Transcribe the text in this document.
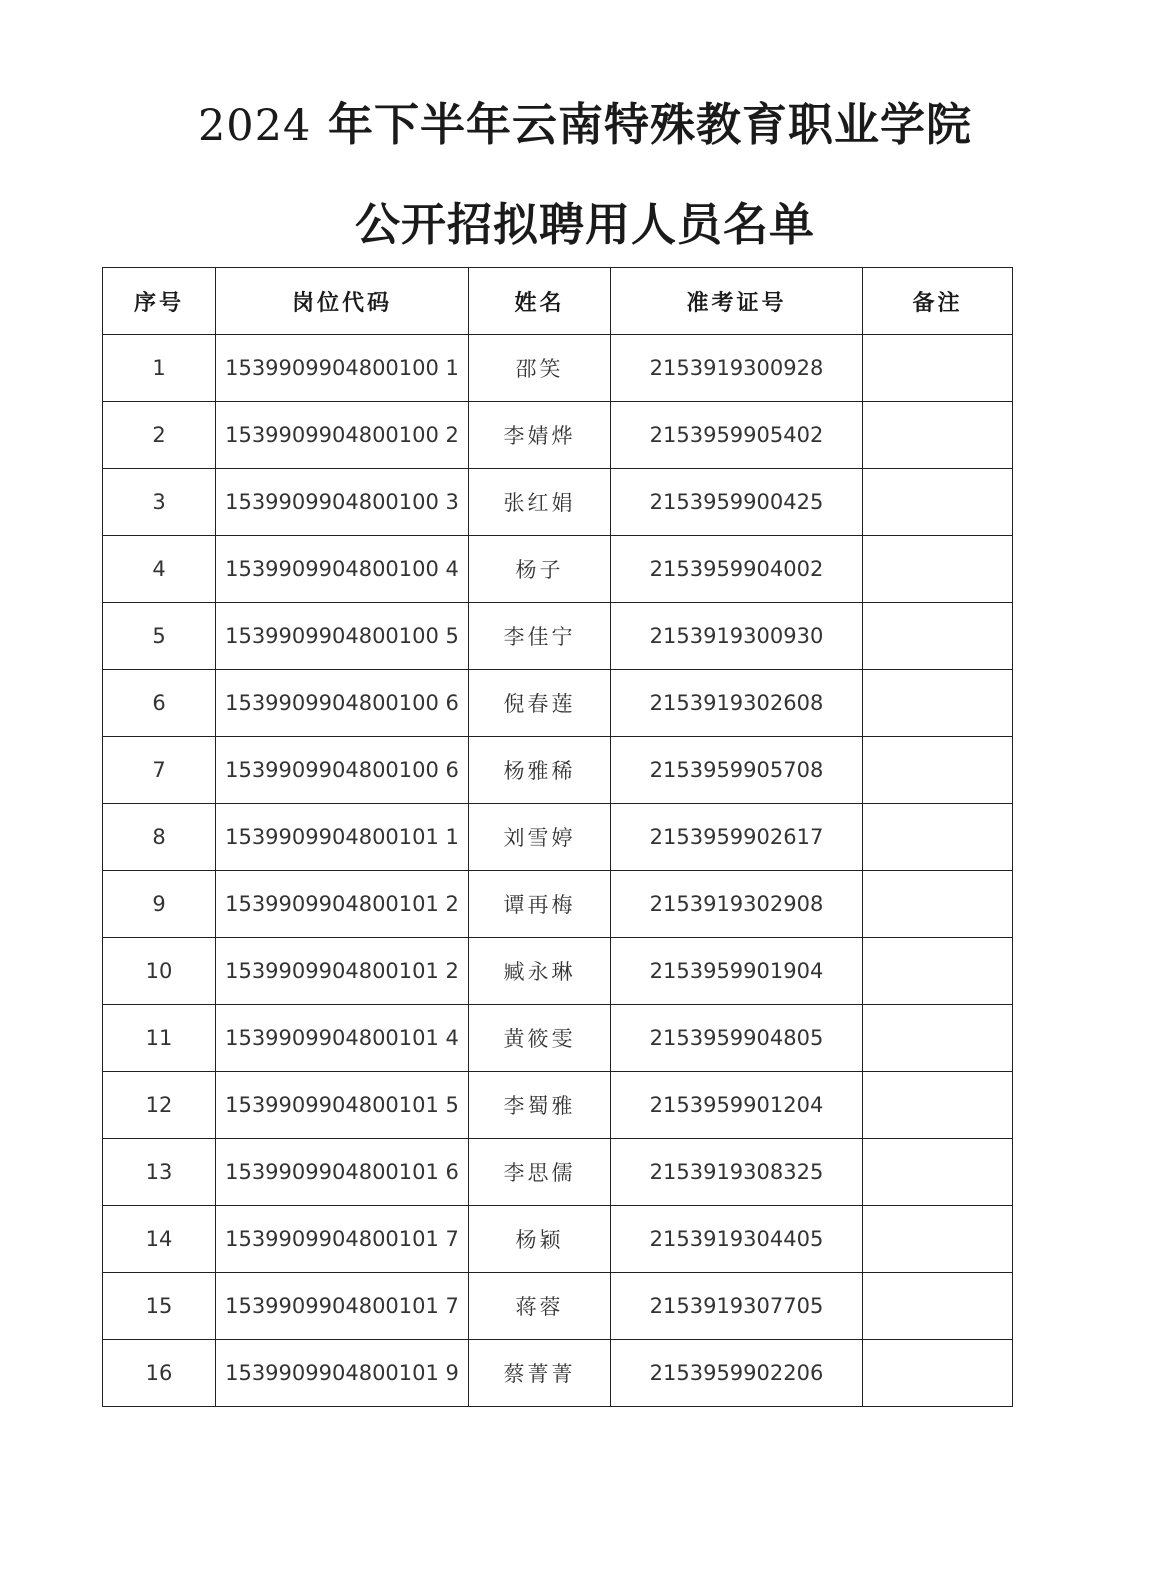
2024 年下半年云南特殊教育职业学院
公开招拟聘用人员名单
序号	岗位代码	姓名	准考证号	备注
1	1539909904800100 1	邵笑	2153919300928	
2	1539909904800100 2	李婧烨	2153959905402	
3	1539909904800100 3	张红娟	2153959900425	
4	1539909904800100 4	杨子	2153959904002	
5	1539909904800100 5	李佳宁	2153919300930	
6	1539909904800100 6	倪春莲	2153919302608	
7	1539909904800100 6	杨雅稀	2153959905708	
8	1539909904800101 1	刘雪婷	2153959902617	
9	1539909904800101 2	谭再梅	2153919302908	
10	1539909904800101 2	臧永琳	2153959901904	
11	1539909904800101 4	黄筱雯	2153959904805	
12	1539909904800101 5	李蜀雅	2153959901204	
13	1539909904800101 6	李思儒	2153919308325	
14	1539909904800101 7	杨颖	2153919304405	
15	1539909904800101 7	蒋蓉	2153919307705	
16	1539909904800101 9	蔡菁菁	2153959902206	
